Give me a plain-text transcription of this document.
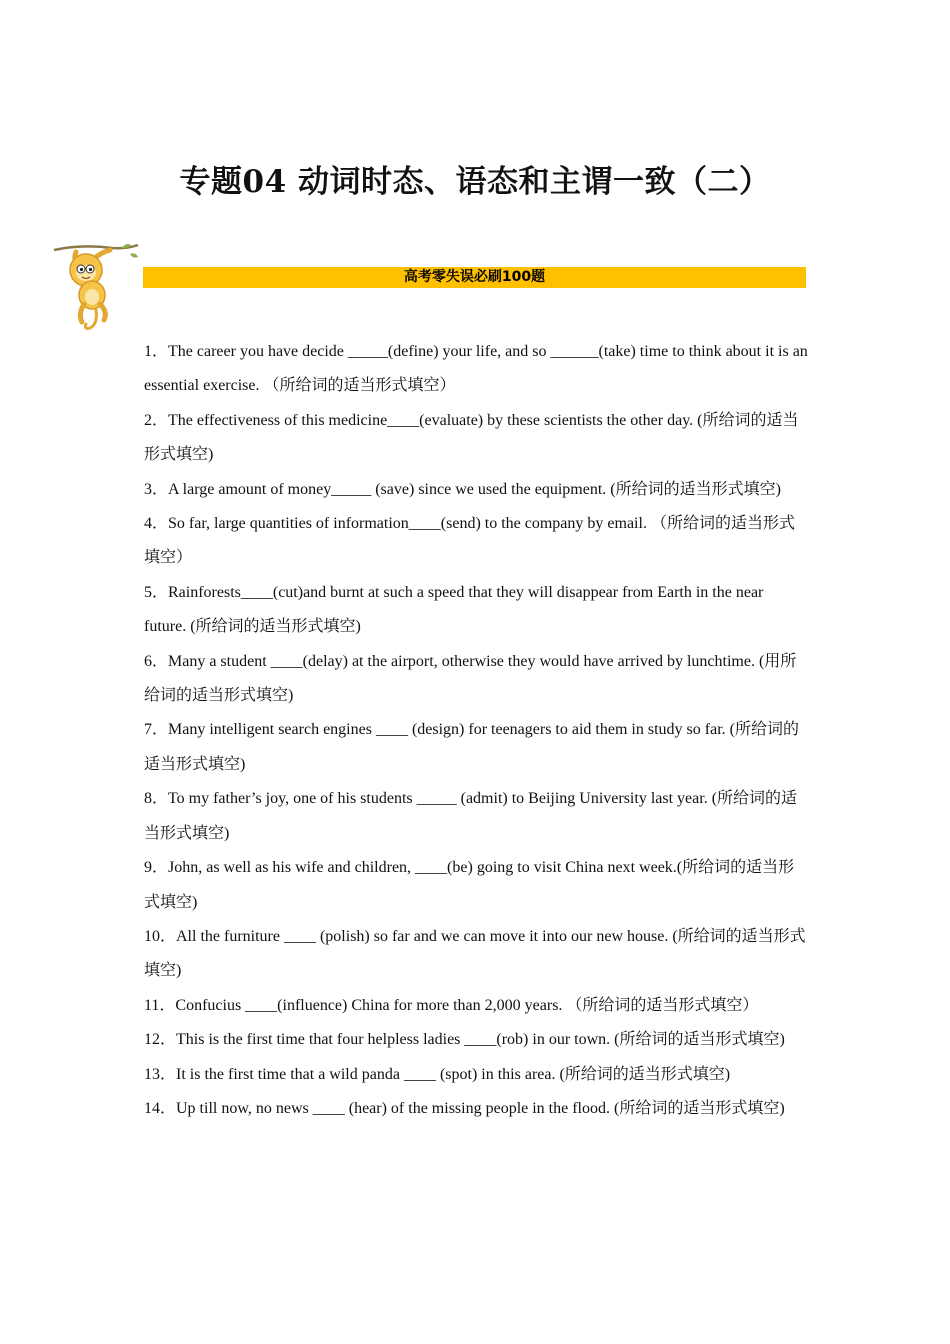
专题04 动词时态、语态和主谓一致（二）
高考零失误必刷100题

1．The career you have decide _____(define) your life, and so ______(take) time to think about it is an essential exercise. （所给词的适当形式填空）

2．The effectiveness of this medicine____(evaluate) by these scientists the other day. (所给词的适当形式填空)

3．A large amount of money_____ (save) since we used the equipment. (所给词的适当形式填空)

4．So far, large quantities of information____(send) to the company by email. （所给词的适当形式填空）

5．Rainforests____(cut)and burnt at such a speed that they will disappear from Earth in the near future. (所给词的适当形式填空)

6．Many a student ____(delay) at the airport, otherwise they would have arrived by lunchtime. (用所给词的适当形式填空)

7．Many intelligent search engines ____ (design) for teenagers to aid them in study so far. (所给词的适当形式填空)

8．To my father’s joy, one of his students _____ (admit) to Beijing University last year. (所给词的适当形式填空)

9．John, as well as his wife and children, ____(be) going to visit China next week.(所给词的适当形式填空)

10．All the furniture ____ (polish) so far and we can move it into our new house. (所给词的适当形式填空)

11．Confucius ____(influence) China for more than 2,000 years. （所给词的适当形式填空）

12．This is the first time that four helpless ladies ____(rob) in our town. (所给词的适当形式填空)

13．It is the first time that a wild panda ____ (spot) in this area. (所给词的适当形式填空)

14．Up till now, no news ____ (hear) of the missing people in the flood. (所给词的适当形式填空)
